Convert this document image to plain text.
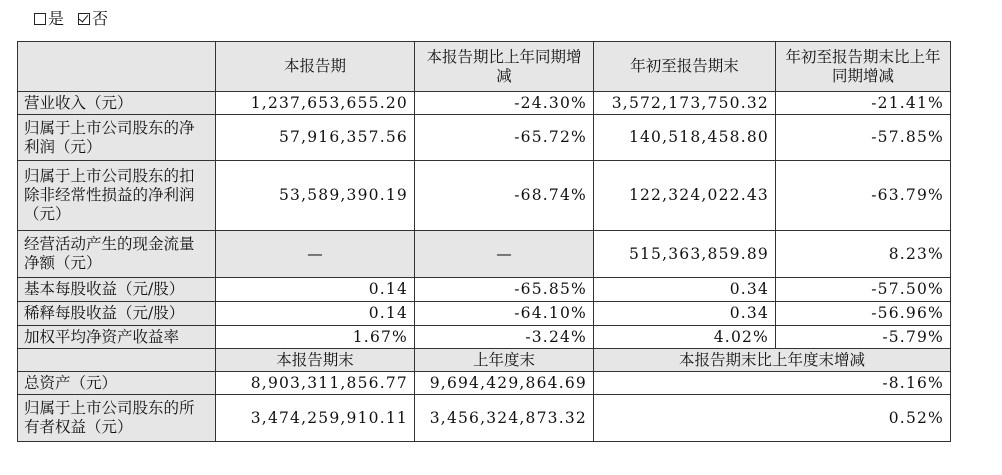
是 否
	本报告期	本报告期比上年同期增减	年初至报告期末	年初至报告期末比上年同期增减
营业收入（元）	1,237,653,655.20	-24.30%	3,572,173,750.32	-21.41%
归属于上市公司股东的净利润（元）	57,916,357.56	-65.72%	140,518,458.80	-57.85%
归属于上市公司股东的扣除非经常性损益的净利润（元）	53,589,390.19	-68.74%	122,324,022.43	-63.79%
经营活动产生的现金流量净额（元）	—	—	515,363,859.89	8.23%
基本每股收益（元/股）	0.14	-65.85%	0.34	-57.50%
稀释每股收益（元/股）	0.14	-64.10%	0.34	-56.96%
加权平均净资产收益率	1.67%	-3.24%	4.02%	-5.79%
	本报告期末	上年度末	本报告期末比上年度末增减	
总资产（元）	8,903,311,856.77	9,694,429,864.69	-8.16%	
归属于上市公司股东的所有者权益（元）	3,474,259,910.11	3,456,324,873.32	0.52%	
